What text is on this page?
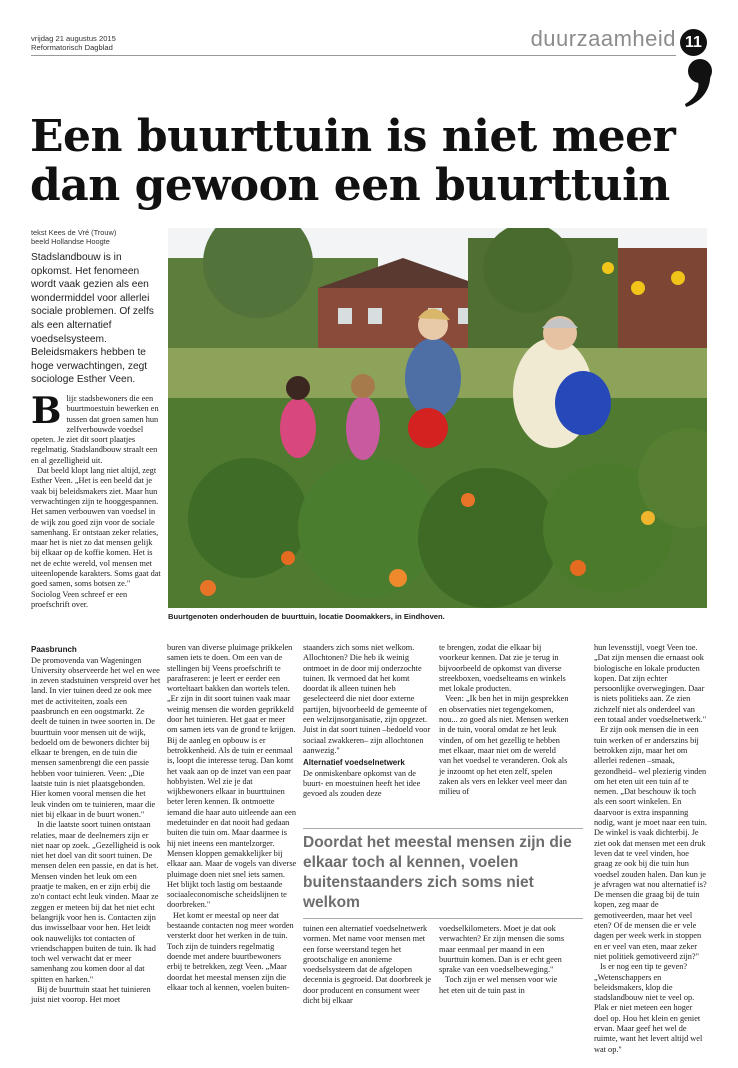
vrijdag 21 augustus 2015
Reformatorisch Dagblad	duurzaamheid 11
Een buurttuin is niet meer
dan gewoon een buurttuin
tekst Kees de Vré (Trouw)
beeld Hollandse Hoogte
Stadslandbouw is in opkomst. Het fenomeen wordt vaak gezien als een wondermiddel voor allerlei sociale problemen. Of zelfs als een alternatief voedselsysteem. Beleidsmakers hebben te hoge verwachtingen, zegt sociologe Esther Veen.
Buurtgenoten onderhouden de buurttuin, locatie Doomakkers, in Eindhoven.

Blijε stadsbewoners die een buurtmoestuin bewerken en tussen dat groen samen hun zelfverbouwde voedsel opeten. Je ziet dit soort plaatjes regelmatig. Stadslandbouw straalt een en al gezelligheid uit.

Dat beeld klopt lang niet altijd, zegt Esther Veen. „Het is een beeld dat je vaak bij beleidsmakers ziet. Maar hun verwachtingen zijn te hooggespannen. Het samen verbouwen van voedsel in de wijk zou goed zijn voor de sociale samenhang. Er ontstaan zeker relaties, maar het is niet zo dat mensen gelijk bij elkaar op de koffie komen. Het is net de echte wereld, vol mensen met uiteenlopende karakters. Soms gaat dat goed samen, soms botsen ze." Sociolog Veen schreef er een proefschrift over.

Paasbrunch

De promovenda van Wageningen University observeerde het wel en wee in zeven stadstuinen verspreid over het land. In vier tuinen deed ze ook mee met de activiteiten, zoals een paasbrunch en een oogstmarkt. Ze deelt de tuinen in twee soorten in. De buurttuin voor mensen uit de wijk, bedoeld om de bewoners dichter bij elkaar te brengen, en de tuin die mensen samenbrengt die een passie hebben voor tuinieren. Veen: „Die laatste tuin is niet plaatsgebonden. Hier komen vooral mensen die het leuk vinden om te tuinieren, maar die niet bij elkaar in de buurt wonen."

In die laatste soort tuinen ontstaan relaties, maar de deelnemers zijn er niet naar op zoek. „Gezelligheid is ook niet het doel van dit soort tuinen. De mensen delen een passie, en dat is het. Mensen vinden het leuk om een praatje te maken, en er zijn erbij die zo'n contact echt leuk vinden. Maar ze zeggen er meteen bij dat het niet echt belangrijk voor hen is. Contacten zijn dus inwisselbaar voor hen. Het leidt ook nauwelijks tot contacten of vriendschappen buiten de tuin. Ik had toch wel verwacht dat er meer samenhang zou komen door al dat spitten en harken."

Bij de buurttuin staat het tuinieren juist niet voorop. Het moet

buren van diverse pluimage prikkelen samen iets te doen. Om een van de stellingen bij Veens proefschrift te parafraseren: je leert er eerder een worteltaart bakken dan wortels telen. „Er zijn in dit soort tuinen vaak maar weinig mensen die worden geprikkeld door het tuinieren. Het gaat er meer om samen iets van de grond te krijgen. Bij de aanleg en opbouw is er betrokkenheid. Als de tuin er eenmaal is, loopt die interesse terug. Dan komt het vaak aan op de inzet van een paar hobbyisten. Wel zie je dat wijkbewoners elkaar in buurttuinen beter leren kennen. Ik ontmoette iemand die haar auto uitleende aan een medetuinder en dat nooit had gedaan buiten die tuin om. Maar daarmee is hij niet ineens een mantelzorger. Mensen kloppen gemakkelijker bij elkaar aan. Maar de vogels van diverse pluimage doen niet snel iets samen. Het blijkt toch lastig om bestaande sociaaleconomische scheidslijnen te doorbreken."

Het komt er meestal op neer dat bestaande contacten nog meer worden versterkt door het werken in de tuin. Toch zijn de tuinders regelmatig doende met andere buurtbewoners erbij te betrekken, zegt Veen. „Maar doordat het meestal mensen zijn die elkaar toch al kennen, voelen buiten-

staanders zich soms niet welkom. Allochtonen? Die heb ik weinig ontmoet in de door mij onderzochte tuinen. Ik vermoed dat het komt doordat ik alleen tuinen heb geselecteerd die niet door externe partijen, bijvoorbeeld de gemeente of een welzijnsorganisatie, zijn opgezet. Juist in dat soort tuinen –bedoeld voor sociaal zwakkeren– zijn allochtonen aanwezig."

Alternatief voedselnetwerk

De onmiskenbare opkomst van de buurt- en moestuinen heeft het idee gevoed als zouden deze

te brengen, zodat die elkaar bij voorkeur kennen. Dat zie je terug in bijvoorbeeld de opkomst van diverse streekboxen, voedselteams en winkels met lokale producten.

Veen: „Ik ben het in mijn gesprekken en observaties niet tegengekomen, nou... zo goed als niet. Mensen werken in de tuin, vooral omdat ze het leuk vinden, of om het gezellig te hebben met elkaar, maar niet om de wereld van het voedsel te veranderen. Ook als je inzoomt op het eten zelf, spelen zaken als vers en lekker veel meer dan milieu of

Doordat het meestal mensen zijn die elkaar toch al kennen, voelen buitenstaanders zich soms niet welkom

tuinen een alternatief voedselnetwerk vormen. Met name voor mensen met een forse weerstand tegen het grootschalige en anonieme voedselsysteem dat de afgelopen decennia is gegroeid. Dat doorbreek je door producent en consument weer dicht bij elkaar

voedselkilometers. Moet je dat ook verwachten? Er zijn mensen die soms maar eenmaal per maand in een buurttuin komen. Dan is er echt geen sprake van een voedselbeweging."

Toch zijn er wel mensen voor wie het eten uit de tuin past in

hun levensstijl, voegt Veen toe. „Dat zijn mensen die ernaast ook biologische en lokale producten kopen. Dat zijn echter persoonlijke overwegingen. Daar is niets politieks aan. Ze zien zichzelf niet als onderdeel van een totaal ander voedselnetwerk."

Er zijn ook mensen die in een tuin werken of er anderszins bij betrokken zijn, maar het om allerlei redenen –smaak, gezondheid– wel plezierig vinden om het eten uit een tuin af te nemen. „Dat beschouw ik toch als een soort winkelen. En daarvoor is extra inspanning nodig, want je moet naar een tuin. De winkel is vaak dichterbij. Je ziet ook dat mensen met een druk leven dat te veel vinden, hoe graag ze ook bij die tuin hun voedsel zouden halen. Dan kun je je afvragen wat nou alternatief is? De mensen die graag bij de tuin kopen, zeg maar de gemotiveerden, maar het veel eten? Of de mensen die er vele dagen per week werk in stoppen en er veel van eten, maar zeker niet politiek gemotiveerd zijn?"

Is er nog een tip te geven? „Wetenschappers en beleidsmakers, klop die stadslandbouw niet te veel op. Plak er niet meteen een hoger doel op. Hou het klein en geniet ervan. Maar geef het wel de ruimte, want het levert altijd wel wat op."
